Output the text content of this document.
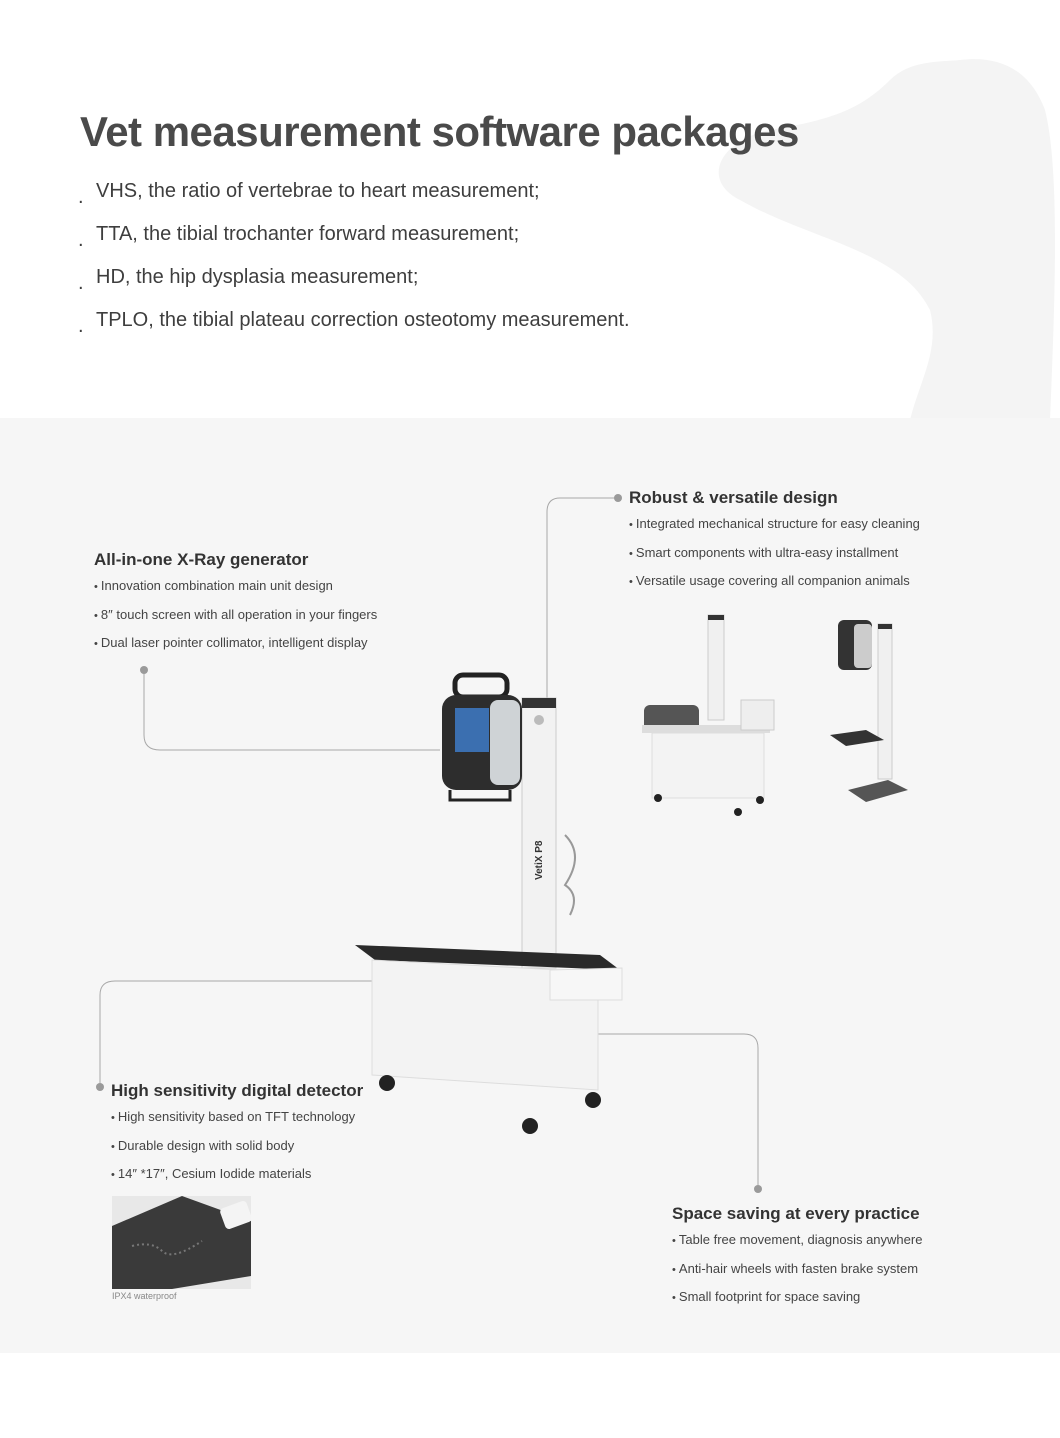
Vet measurement software packages
. VHS, the ratio of vertebrae to heart measurement;
. TTA, the tibial trochanter forward measurement;
. HD, the hip dysplasia measurement;
. TPLO, the tibial plateau correction osteotomy measurement.
VetiX P8
All-in-one X-Ray generator
• Innovation combination main unit design
• 8″ touch screen with all operation in your fingers
• Dual laser pointer collimator, intelligent display
Robust & versatile design
• Integrated mechanical structure for easy cleaning
• Smart components with ultra-easy installment
• Versatile usage covering all companion animals
High sensitivity digital detector
• High sensitivity based on TFT technology
• Durable design with solid body
• 14″ *17″, Cesium Iodide materials
IPX4 waterproof
Space saving at every practice
• Table free movement, diagnosis anywhere
• Anti-hair wheels with fasten brake system
• Small footprint for space saving
